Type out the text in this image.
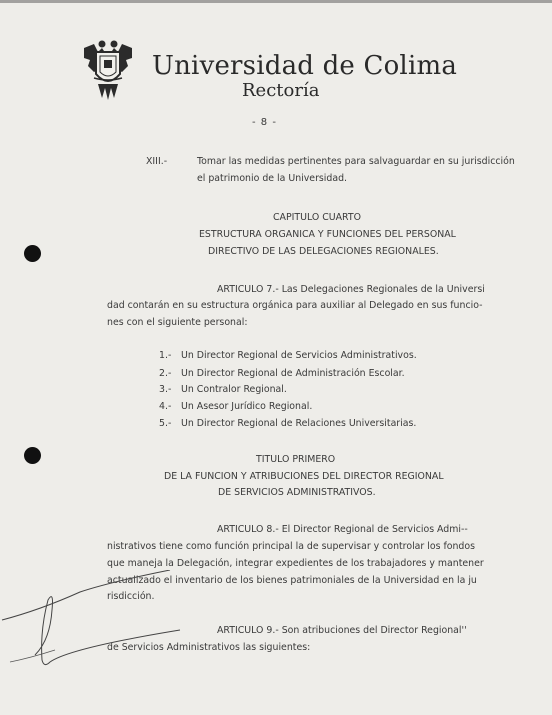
Universidad de Colima
Rectoría
- 8 -
XIII.-	Tomar las medidas pertinentes para salvaguardar en su jurisdicción
el patrimonio de la Universidad.
CAPITULO CUARTO
ESTRUCTURA ORGANICA Y FUNCIONES DEL PERSONAL
DIRECTIVO DE LAS DELEGACIONES REGIONALES.
ARTICULO 7.- Las Delegaciones Regionales de la Universi
dad contarán en su estructura orgánica para auxiliar al Delegado en sus funcio-
nes con el siguiente personal:
1.- Un Director Regional de Servicios Administrativos.
2.- Un Director Regional de Administración Escolar.
3.- Un Contralor Regional.
4.- Un Asesor Jurídico Regional.
5.- Un Director Regional de Relaciones Universitarias.
TITULO PRIMERO
DE LA FUNCION Y ATRIBUCIONES DEL DIRECTOR REGIONAL
DE SERVICIOS ADMINISTRATIVOS.
ARTICULO 8.- El Director Regional de Servicios Admi--
nistrativos tiene como función principal la de supervisar y controlar los fondos
que maneja la Delegación, integrar expedientes de los trabajadores y mantener
actualizado el inventario de los bienes patrimoniales de la Universidad en la ju
risdicción.
ARTICULO 9.- Son atribuciones del Director Regional''
de Servicios Administrativos las siguientes:
